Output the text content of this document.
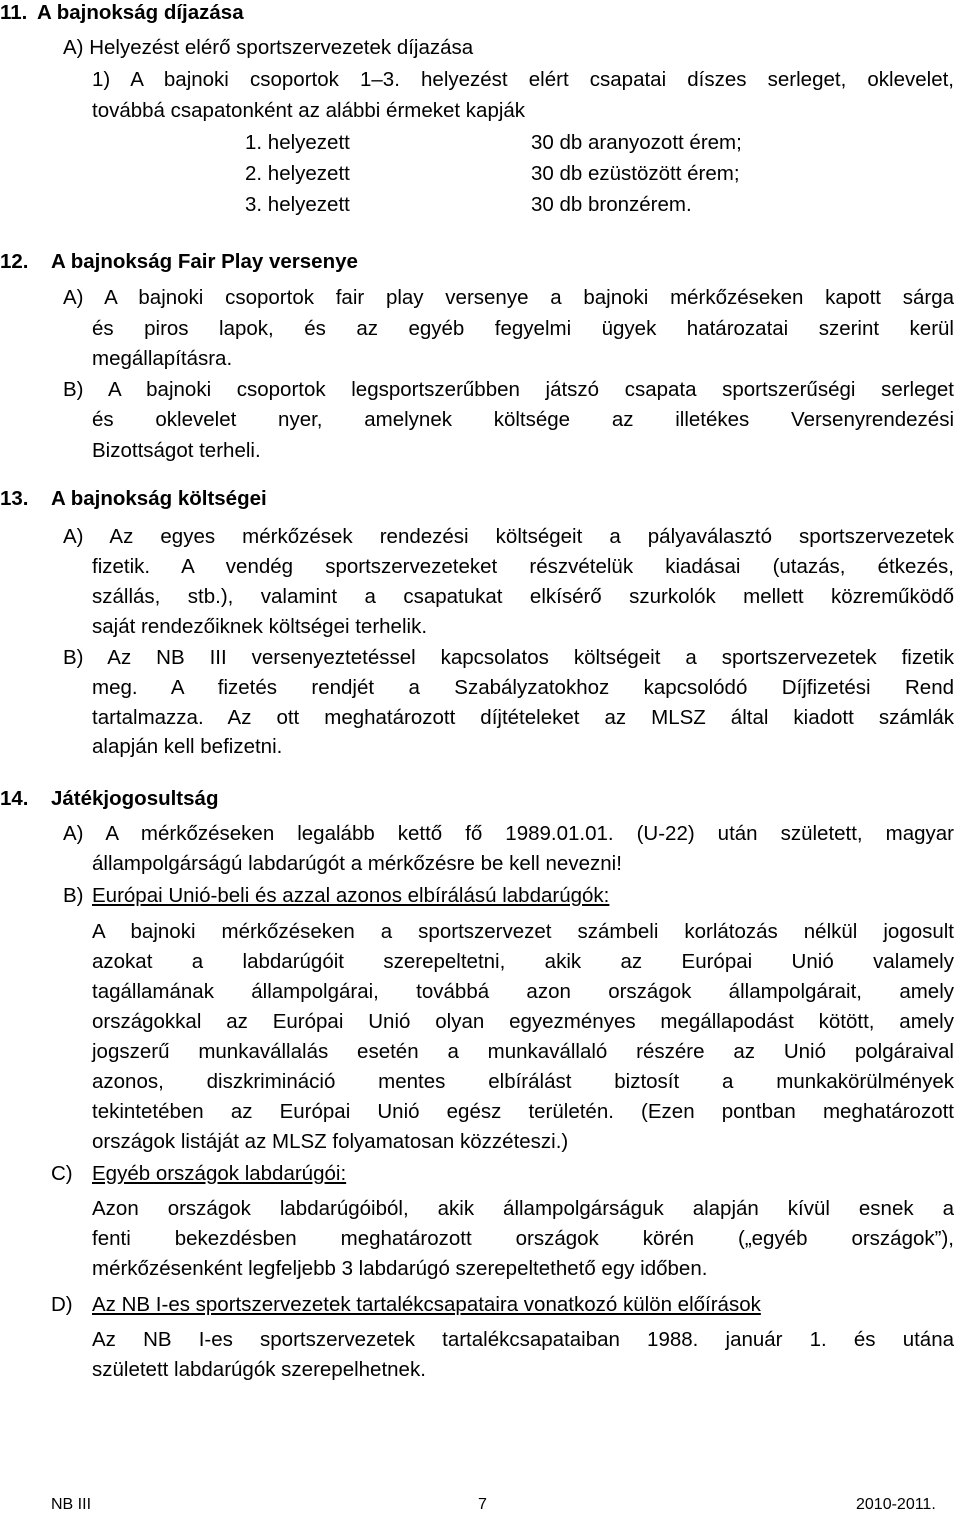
11. A bajnokság díjazása
A) Helyezést elérő sportszervezetek díjazása
1) A bajnoki csoportok 1–3. helyezést elért csapatai díszes serleget, oklevelet,
továbbá csapatonként az alábbi érmeket kapják
1. helyezett	30 db aranyozott érem;
2. helyezett	30 db ezüstözött érem;
3. helyezett	30 db bronzérem.
12. A bajnokság Fair Play versenye
A) A bajnoki csoportok fair play versenye a bajnoki mérkőzéseken kapott sárga
és piros lapok, és az egyéb fegyelmi ügyek határozatai szerint kerül
megállapításra.
B) A bajnoki csoportok legsportszerűbben játszó csapata sportszerűségi serleget
és oklevelet nyer, amelynek költsége az illetékes Versenyrendezési
Bizottságot terheli.
13. A bajnokság költségei
A) Az egyes mérkőzések rendezési költségeit a pályaválasztó sportszervezetek
fizetik. A vendég sportszervezeteket részvételük kiadásai (utazás, étkezés,
szállás, stb.), valamint a csapatukat elkísérő szurkolók mellett közreműködő
saját rendezőiknek költségei terhelik.
B) Az NB III versenyeztetéssel kapcsolatos költségeit a sportszervezetek fizetik
meg. A fizetés rendjét a Szabályzatokhoz kapcsolódó Díjfizetési Rend
tartalmazza. Az ott meghatározott díjtételeket az MLSZ által kiadott számlák
alapján kell befizetni.
14. Játékjogosultság
A) A mérkőzéseken legalább kettő fő 1989.01.01. (U-22) után született, magyar
állampolgárságú labdarúgót a mérkőzésre be kell nevezni!
B) Európai Unió-beli és azzal azonos elbírálású labdarúgók:
A bajnoki mérkőzéseken a sportszervezet számbeli korlátozás nélkül jogosult
azokat a labdarúgóit szerepeltetni, akik az Európai Unió valamely
tagállamának állampolgárai, továbbá azon országok állampolgárait, amely
országokkal az Európai Unió olyan egyezményes megállapodást kötött, amely
jogszerű munkavállalás esetén a munkavállaló részére az Unió polgáraival
azonos, diszkrimináció mentes elbírálást biztosít a munkakörülmények
tekintetében az Európai Unió egész területén. (Ezen pontban meghatározott
országok listáját az MLSZ folyamatosan közzéteszi.)
C) Egyéb országok labdarúgói:
Azon országok labdarúgóiból, akik állampolgárságuk alapján kívül esnek a
fenti bekezdésben meghatározott országok körén („egyéb országok”),
mérkőzésenként legfeljebb 3 labdarúgó szerepeltethető egy időben.
D) Az NB I-es sportszervezetek tartalékcsapataira vonatkozó külön előírások
Az NB I-es sportszervezetek tartalékcsapataiban 1988. január 1. és utána
született labdarúgók szerepelhetnek.
NB III	7	2010-2011.
